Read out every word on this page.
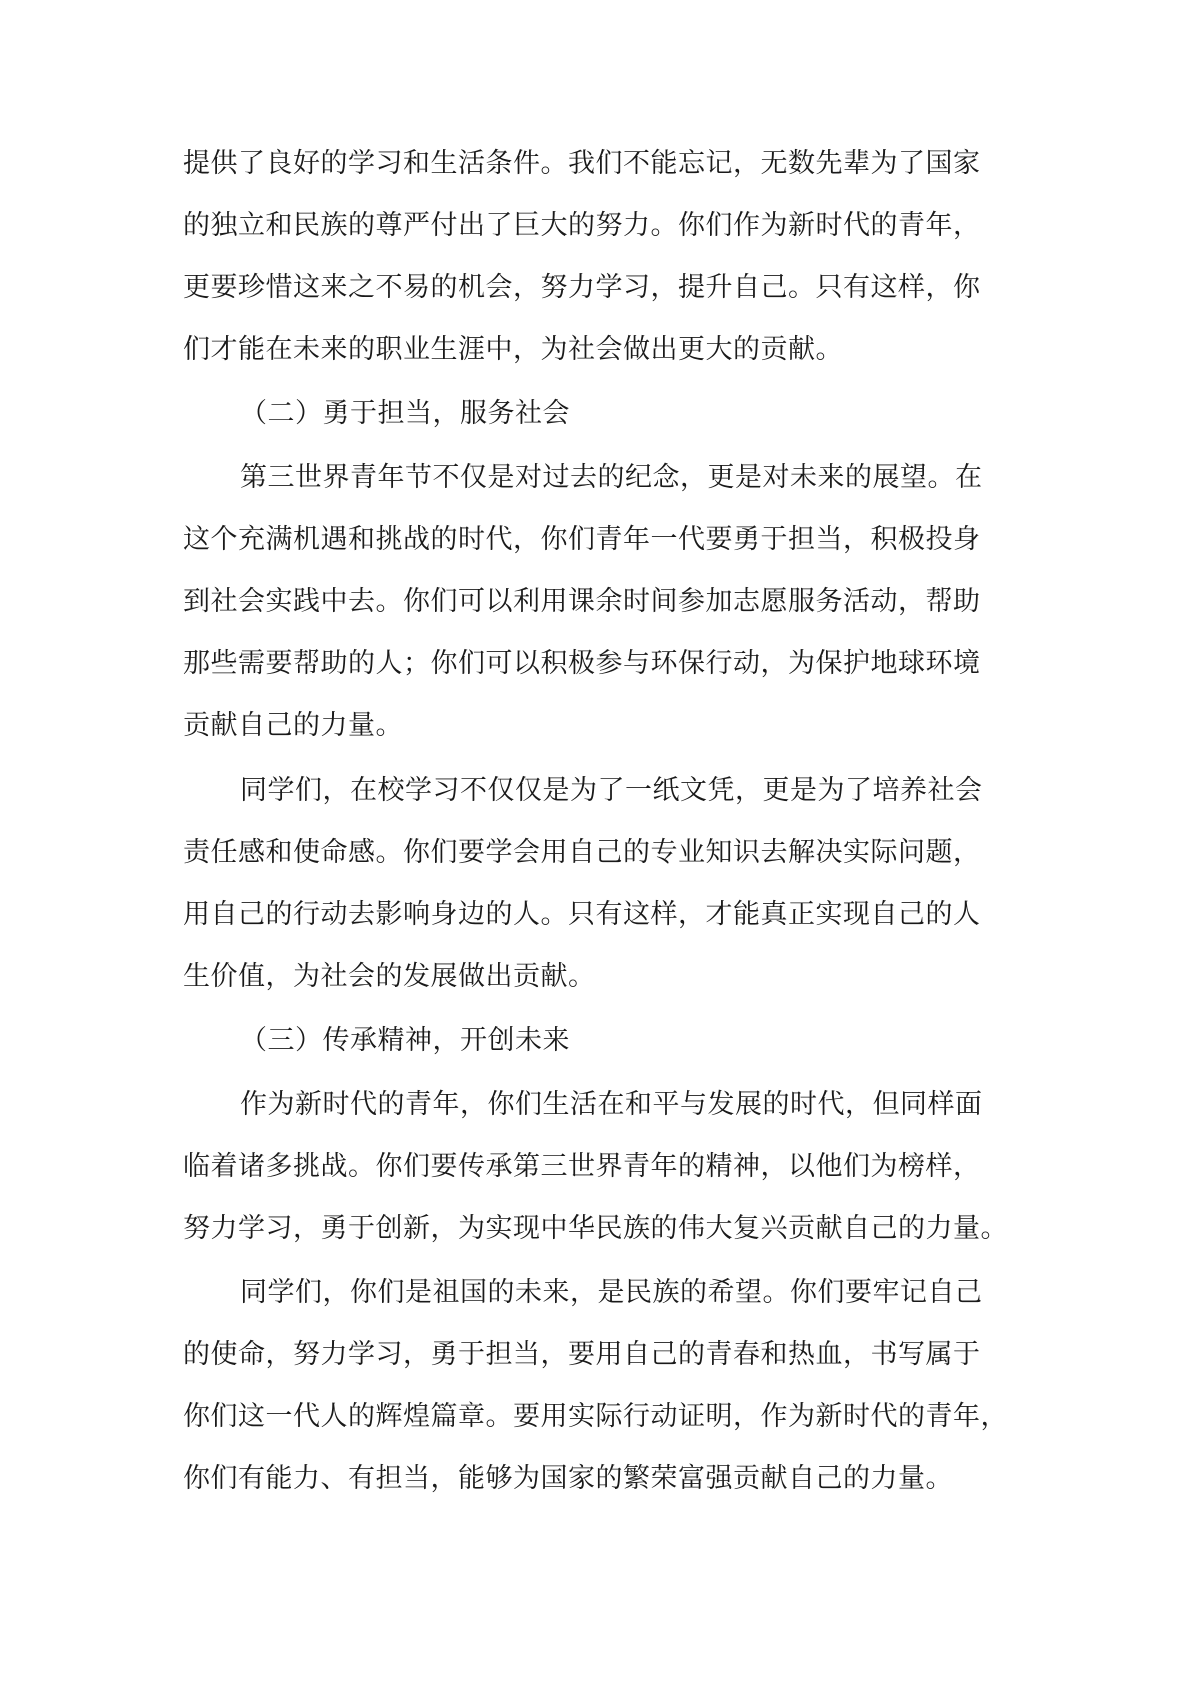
提供了良好的学习和生活条件。我们不能忘记，无数先辈为了国家
的独立和民族的尊严付出了巨大的努力。你们作为新时代的青年，
更要珍惜这来之不易的机会，努力学习，提升自己。只有这样，你
们才能在未来的职业生涯中，为社会做出更大的贡献。
（二）勇于担当，服务社会
第三世界青年节不仅是对过去的纪念，更是对未来的展望。在
这个充满机遇和挑战的时代，你们青年一代要勇于担当，积极投身
到社会实践中去。你们可以利用课余时间参加志愿服务活动，帮助
那些需要帮助的人；你们可以积极参与环保行动，为保护地球环境
贡献自己的力量。
同学们，在校学习不仅仅是为了一纸文凭，更是为了培养社会
责任感和使命感。你们要学会用自己的专业知识去解决实际问题，
用自己的行动去影响身边的人。只有这样，才能真正实现自己的人
生价值，为社会的发展做出贡献。
（三）传承精神，开创未来
作为新时代的青年，你们生活在和平与发展的时代，但同样面
临着诸多挑战。你们要传承第三世界青年的精神，以他们为榜样，
努力学习，勇于创新，为实现中华民族的伟大复兴贡献自己的力量。
同学们，你们是祖国的未来，是民族的希望。你们要牢记自己
的使命，努力学习，勇于担当，要用自己的青春和热血，书写属于
你们这一代人的辉煌篇章。要用实际行动证明，作为新时代的青年，
你们有能力、有担当，能够为国家的繁荣富强贡献自己的力量。
